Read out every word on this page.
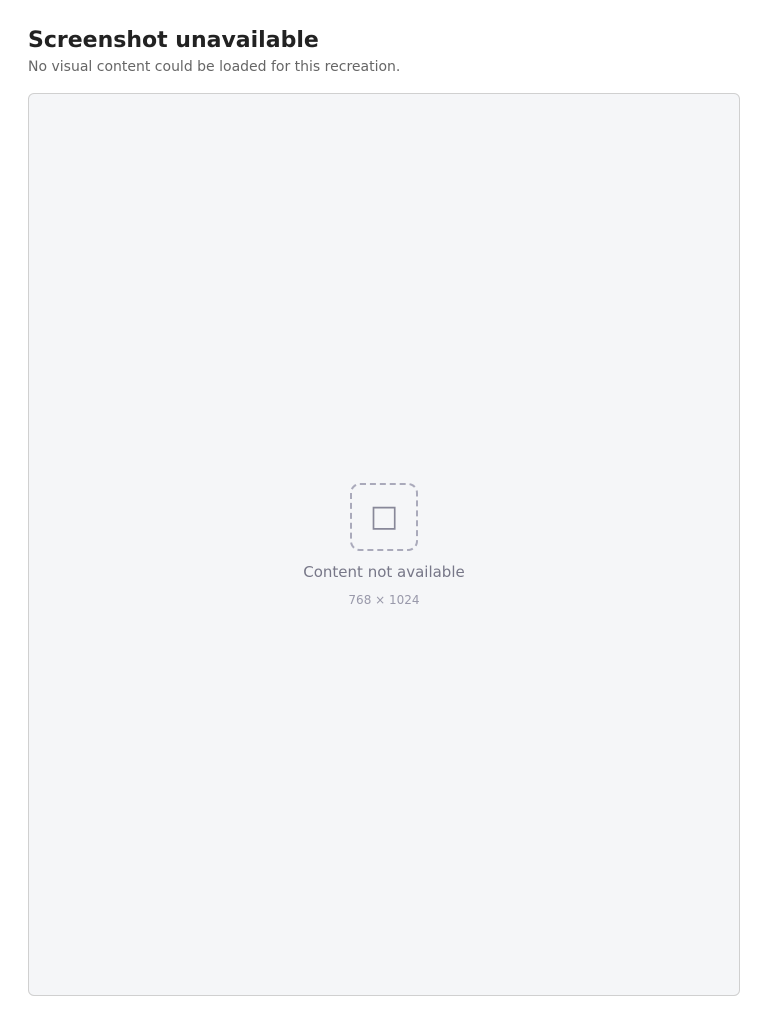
Screenshot unavailable
No visual content could be loaded for this recreation.
□
Content not available
768 × 1024
